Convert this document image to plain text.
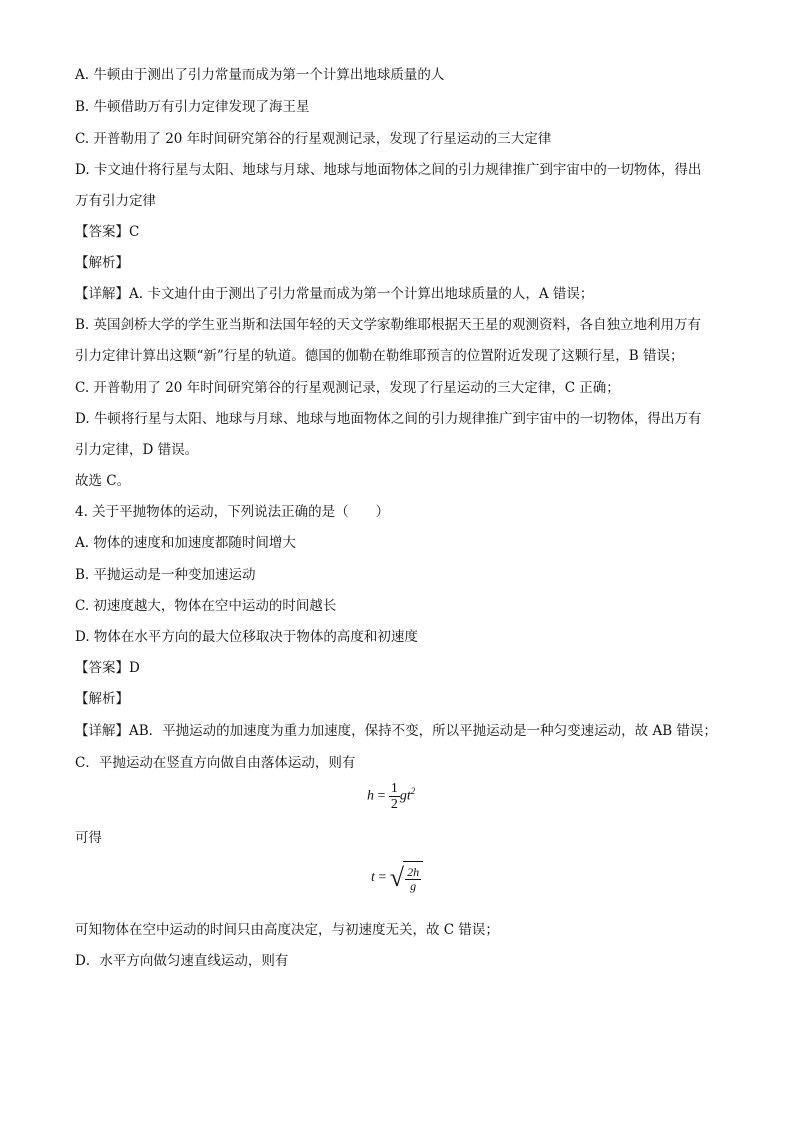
A. 牛顿由于测出了引力常量而成为第一个计算出地球质量的人
B. 牛顿借助万有引力定律发现了海王星
C. 开普勒用了 20 年时间研究第谷的行星观测记录，发现了行星运动的三大定律
D. 卡文迪什将行星与太阳、地球与月球、地球与地面物体之间的引力规律推广到宇宙中的一切物体，得出
万有引力定律
【答案】C
【解析】
【详解】A. 卡文迪什由于测出了引力常量而成为第一个计算出地球质量的人，A 错误；
B. 英国剑桥大学的学生亚当斯和法国年轻的天文学家勒维耶根据天王星的观测资料，各自独立地利用万有
引力定律计算出这颗“新”行星的轨道。德国的伽勒在勒维耶预言的位置附近发现了这颗行星，B 错误；
C. 开普勒用了 20 年时间研究第谷的行星观测记录，发现了行星运动的三大定律，C 正确；
D. 牛顿将行星与太阳、地球与月球、地球与地面物体之间的引力规律推广到宇宙中的一切物体，得出万有
引力定律，D 错误。
故选 C。
4. 关于平抛物体的运动，下列说法正确的是（　　）
A. 物体的速度和加速度都随时间增大
B. 平抛运动是一种变加速运动
C. 初速度越大，物体在空中运动的时间越长
D. 物体在水平方向的最大位移取决于物体的高度和初速度
【答案】D
【解析】
【详解】AB．平抛运动的加速度为重力加速度，保持不变，所以平抛运动是一种匀变速运动，故 AB 错误；
C．平抛运动在竖直方向做自由落体运动，则有
$h = \frac{1}{2} gt^2$
可得
t = √ $\frac{2h}{g}$
可知物体在空中运动的时间只由高度决定，与初速度无关，故 C 错误；
D．水平方向做匀速直线运动，则有
